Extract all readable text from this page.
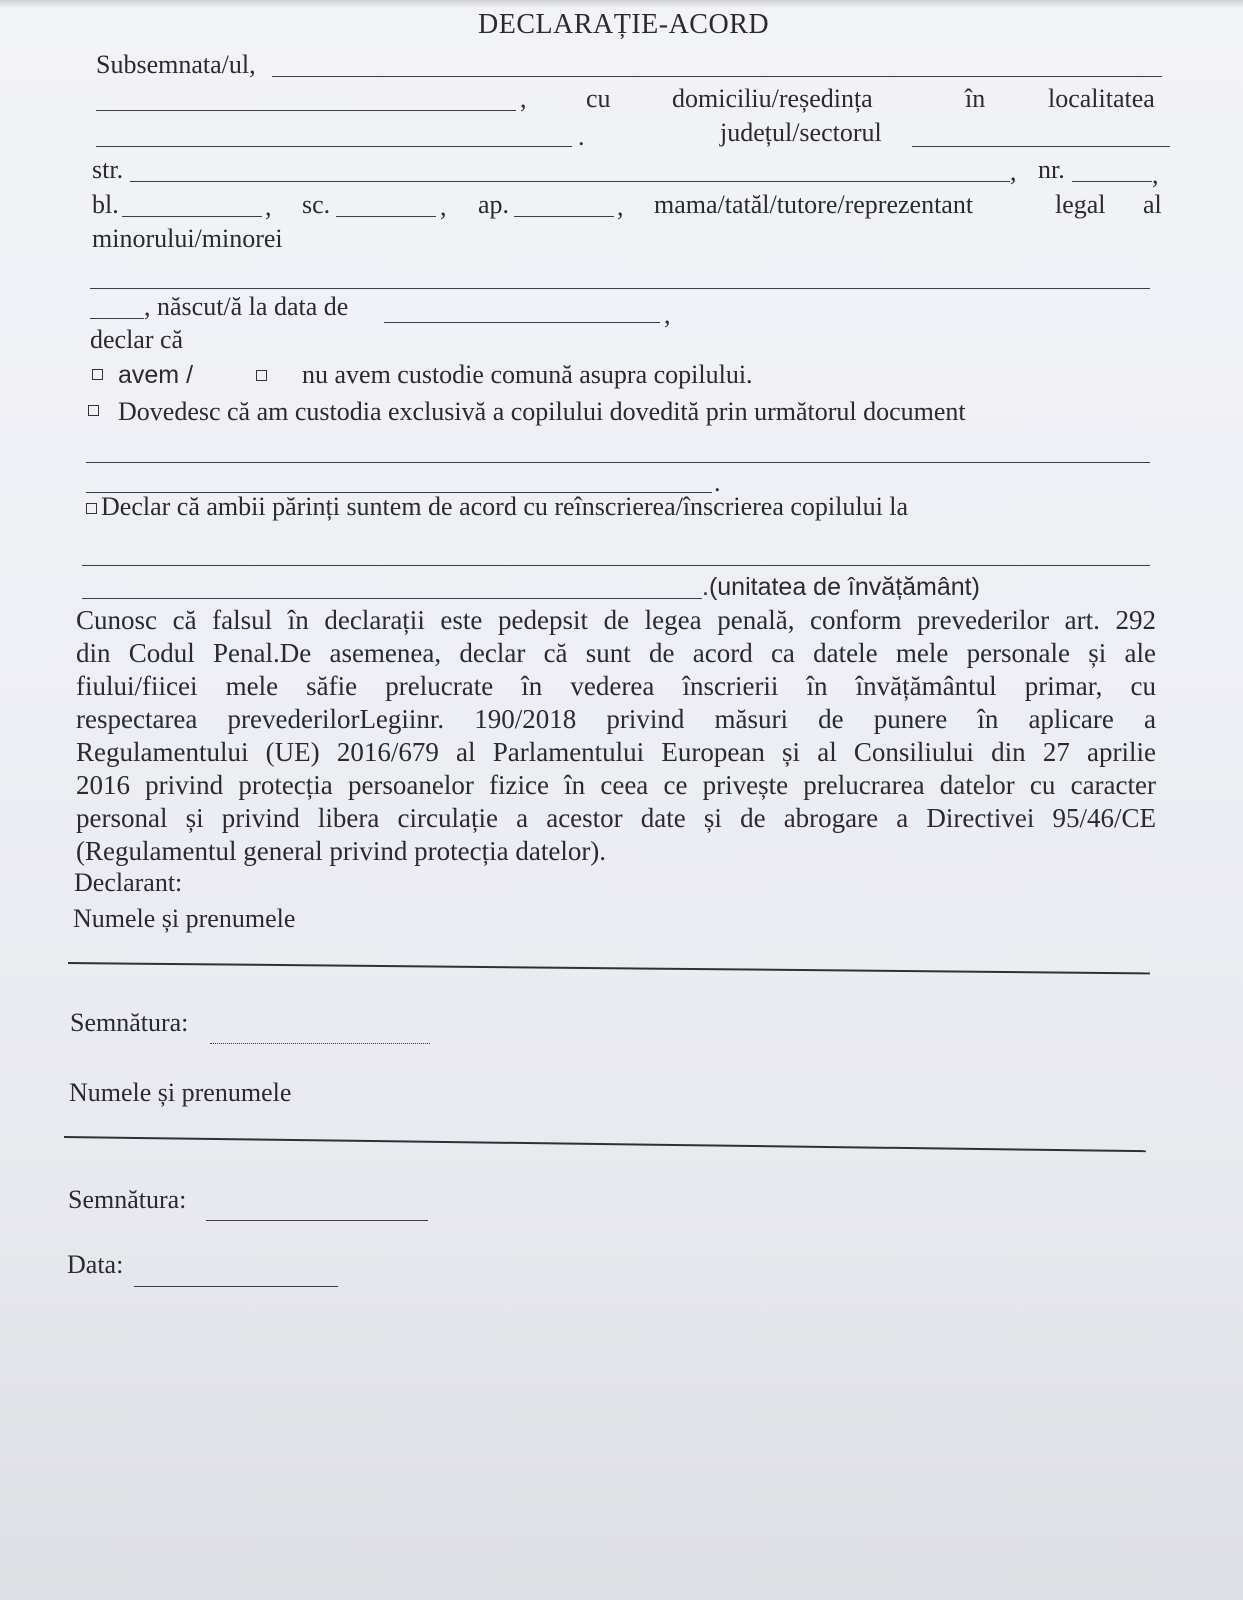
DECLARAȚIE-ACORD
Subsemnata/ul,
, cu domiciliu/reședința	în localitatea
.	județul/sectorul
str.	, nr.	,
bl.	, sc.	, ap.	, mama/tatăl/tutore/reprezentant	legal al
minorului/minorei
, născut/ă la data de	,
declar că
avem /	nu avem custodie comună asupra copilului.
Dovedesc că am custodia exclusivă a copilului dovedită prin următorul document
.
Declar că ambii părinți suntem de acord cu reînscrierea/înscrierea copilului la
.(unitatea de învățământ)
Cunosc că falsul în declarații este pedepsit de legea penală, conform prevederilor art. 292
din Codul Penal.De asemenea, declar că sunt de acord ca datele mele personale și ale
fiului/fiicei mele săfie prelucrate în vederea înscrierii în învățământul primar, cu
respectarea prevederilorLegiinr. 190/2018 privind măsuri de punere în aplicare a
Regulamentului (UE) 2016/679 al Parlamentului European și al Consiliului din 27 aprilie
2016 privind protecția persoanelor fizice în ceea ce privește prelucrarea datelor cu caracter
personal și privind libera circulație a acestor date și de abrogare a Directivei 95/46/CE
(Regulamentul general privind protecția datelor).
Declarant:
Numele și prenumele
Semnătura:
Numele și prenumele
Semnătura:
Data:
